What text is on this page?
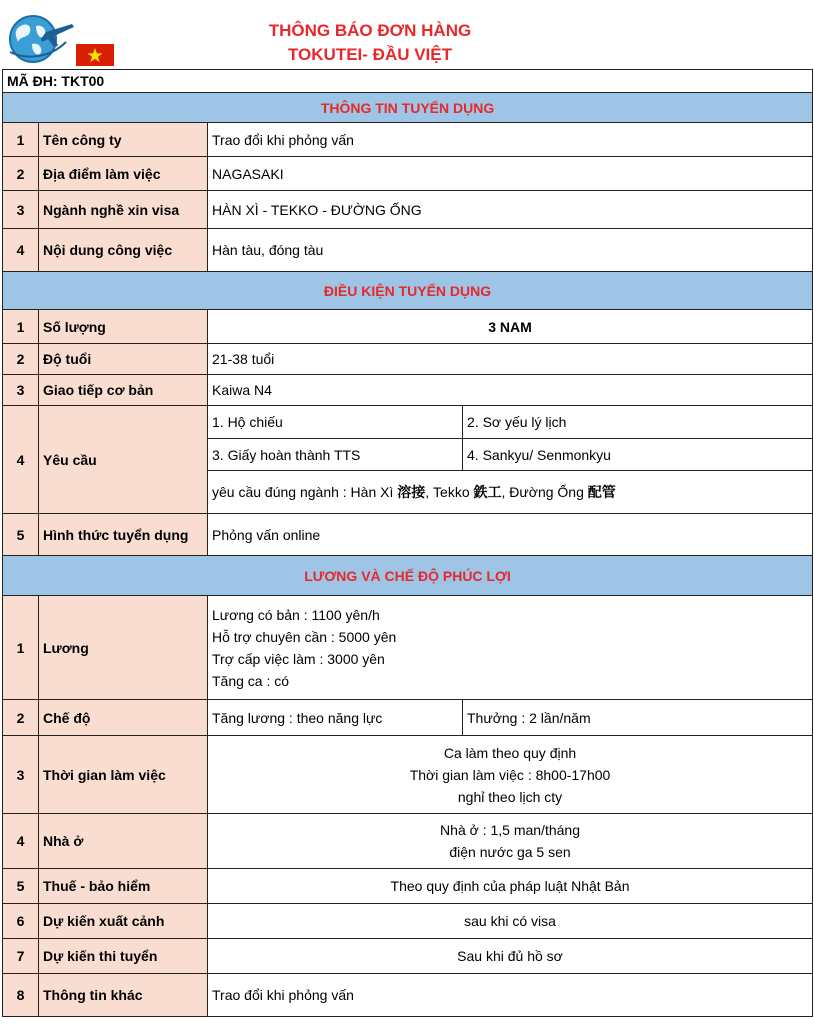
THÔNG BÁO ĐƠN HÀNG
TOKUTEI- ĐẦU VIỆT
MÃ ĐH: TKT00			
THÔNG TIN TUYỂN DỤNG			
1	Tên công ty	Trao đổi khi phỏng vấn	
2	Địa điểm làm việc	NAGASAKI	
3	Ngành nghề xin visa	HÀN XÌ - TEKKO - ĐƯỜNG ỐNG	
4	Nội dung công việc	Hàn tàu, đóng tàu	
ĐIỀU KIỆN TUYỂN DỤNG			
1	Số lượng	3 NAM	
2	Độ tuổi	21-38 tuổi	
3	Giao tiếp cơ bản	Kaiwa N4	
4	Yêu cầu	1. Hộ chiếu	2. Sơ yếu lý lịch
		3. Giấy hoàn thành TTS	4. Sankyu/ Senmonkyu
		yêu cầu đúng ngành : Hàn Xì 溶接, Tekko 鉄工, Đường Ống 配管	
5	Hình thức tuyển dụng	Phỏng vấn online	
LƯƠNG VÀ CHẾ ĐỘ PHÚC LỢI			
1	Lương	Lương có bản : 1100 yên/h
Hỗ trợ chuyên cần : 5000 yên
Trợ cấp việc làm : 3000 yên
Tăng ca : có	

2	Chế độ	Tăng lương : theo năng lực	Thưởng : 2 lần/năm
3	Thời gian làm việc	Ca làm theo quy định
Thời gian làm việc : 8h00-17h00
nghỉ theo lịch cty	

4	Nhà ở	Nhà ở : 1,5 man/tháng
điện nước ga 5 sen	

5	Thuế - bảo hiểm	Theo quy định của pháp luật Nhật Bản	
6	Dự kiến xuất cảnh	sau khi có visa	
7	Dự kiến thi tuyển	Sau khi đủ hồ sơ	
8	Thông tin khác	Trao đổi khi phỏng vấn	
